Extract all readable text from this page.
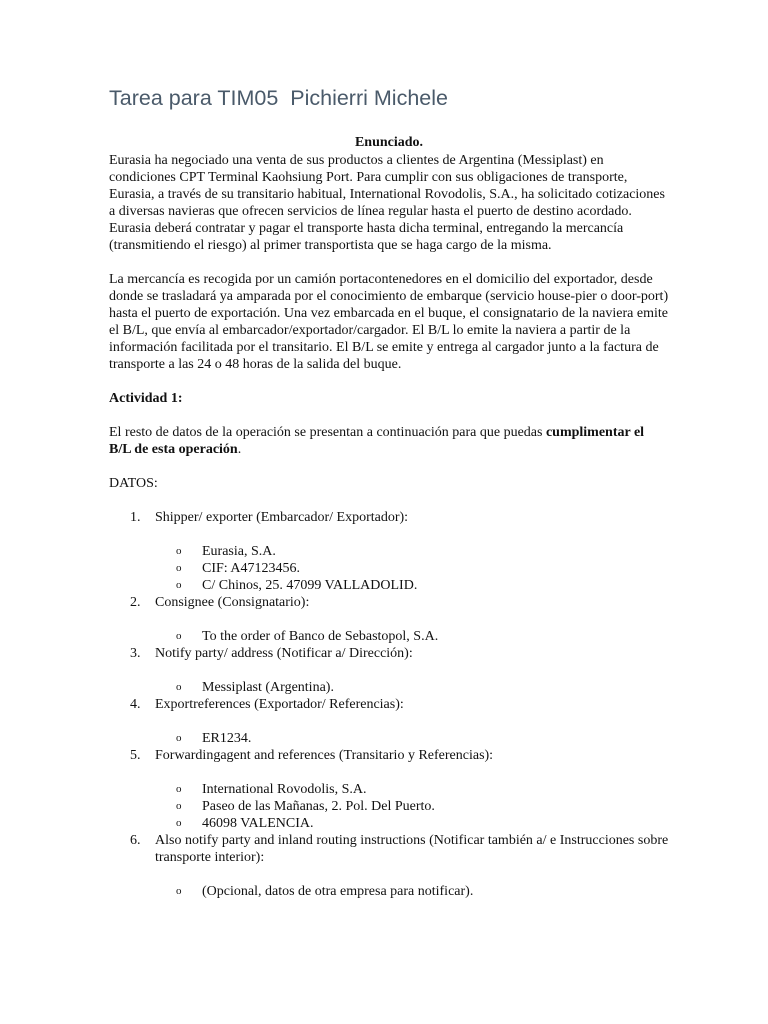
Tarea para TIM05  Pichierri Michele
Enunciado.

Eurasia ha negociado una venta de sus productos a clientes de Argentina (Messiplast) en condiciones CPT Terminal Kaohsiung Port. Para cumplir con sus obligaciones de transporte, Eurasia, a través de su transitario habitual, International Rovodolis, S.A., ha solicitado cotizaciones a diversas navieras que ofrecen servicios de línea regular hasta el puerto de destino acordado. Eurasia deberá contratar y pagar el transporte hasta dicha terminal, entregando la mercancía (transmitiendo el riesgo) al primer transportista que se haga cargo de la misma.

La mercancía es recogida por un camión portacontenedores en el domicilio del exportador, desde donde se trasladará ya amparada por el conocimiento de embarque (servicio house-pier o door-port) hasta el puerto de exportación. Una vez embarcada en el buque, el consignatario de la naviera emite el B/L, que envía al embarcador/exportador/cargador. El B/L lo emite la naviera a partir de la información facilitada por el transitario. El B/L se emite y entrega al cargador junto a la factura de transporte a las 24 o 48 horas de la salida del buque.

Actividad 1:

El resto de datos de la operación se presentan a continuación para que puedas cumplimentar el B/L de esta operación.

DATOS:

1. Shipper/ exporter (Embarcador/ Exportador):
o Eurasia, S.A.
o CIF: A47123456.
o C/ Chinos, 25. 47099 VALLADOLID.
2. Consignee (Consignatario):
o To the order of Banco de Sebastopol, S.A.
3. Notify party/ address (Notificar a/ Dirección):
o Messiplast (Argentina).
4. Exportreferences (Exportador/ Referencias):
o ER1234.
5. Forwardingagent and references (Transitario y Referencias):
o International Rovodolis, S.A.
o Paseo de las Mañanas, 2. Pol. Del Puerto.
o 46098 VALENCIA.
6. Also notify party and inland routing instructions (Notificar también a/ e Instrucciones sobre transporte interior):
o (Opcional, datos de otra empresa para notificar).
